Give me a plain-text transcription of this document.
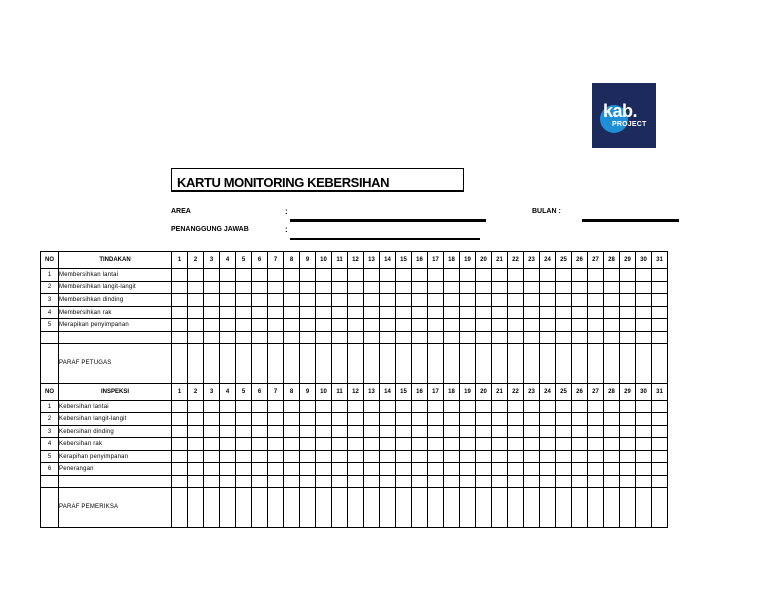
kab.
PROJECT
KARTU MONITORING KEBERSIHAN
AREA	:
PENANGGUNG JAWAB	:
BULAN :
NO	TINDAKAN	1	2	3	4	5	6	7	8	9	10	11	12	13	14	15	16	17	18	19	20	21	22	23	24	25	26	27	28	29	30	31
1	Membersihkan lantai																															
2	Membersihkan langit-langit																															
3	Membersihkan dinding																															
4	Membersihkan rak																															
5	Merapikan penyimpanan																															

	PARAF PETUGAS																															
NO	INSPEKSI	1	2	3	4	5	6	7	8	9	10	11	12	13	14	15	16	17	18	19	20	21	22	23	24	25	26	27	28	29	30	31
1	Kebersihan lantai																															
2	Kebersihan langit-langit																															
3	Kebersihan dinding																															
4	Kebersihan rak																															
5	Kerapihan penyimpanan																															
6	Penerangan																															

	PARAF PEMERIKSA																															
